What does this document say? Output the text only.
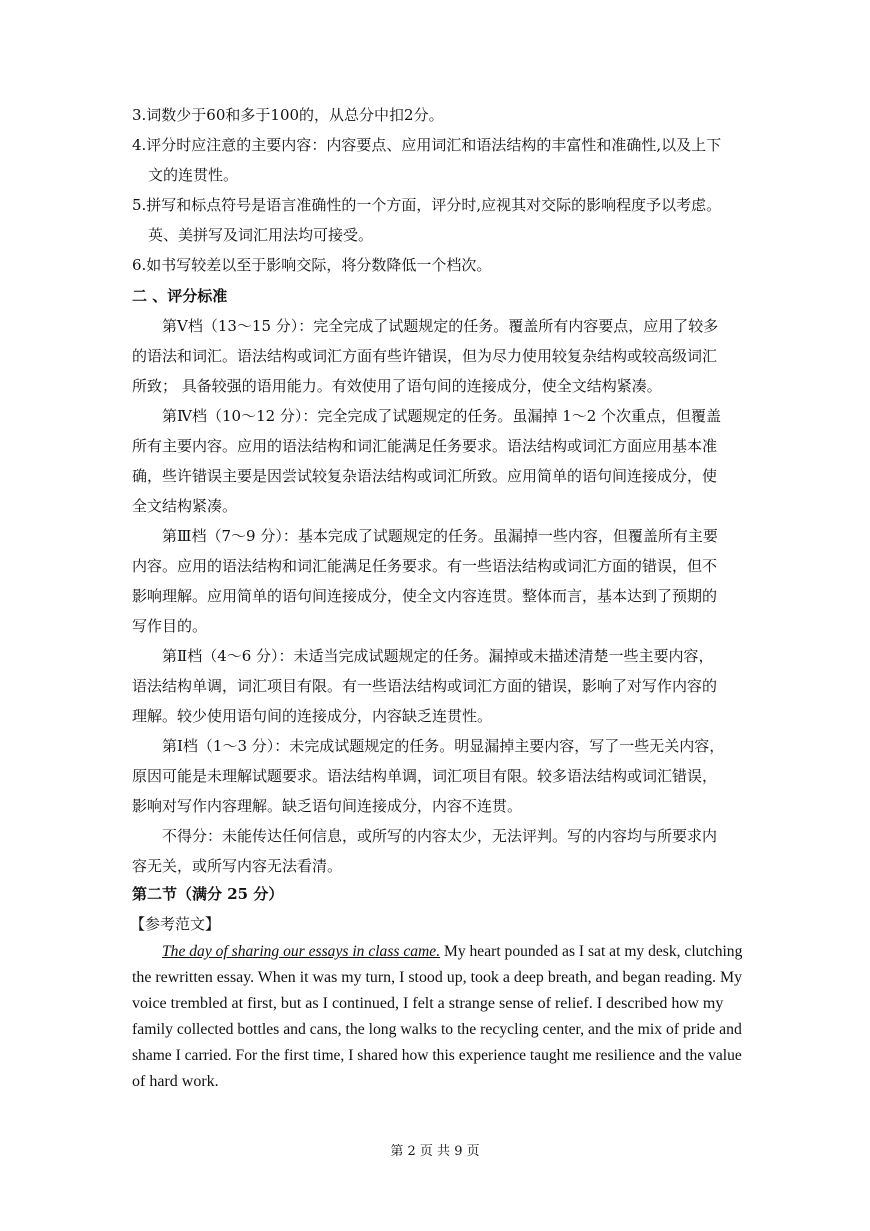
3.词数少于60和多于100的，从总分中扣2分。
4.评分时应注意的主要内容：内容要点、应用词汇和语法结构的丰富性和准确性,以及上下
文的连贯性。
5.拼写和标点符号是语言准确性的一个方面，评分时,应视其对交际的影响程度予以考虑。
英、美拼写及词汇用法均可接受。
6.如书写较差以至于影响交际，将分数降低一个档次。
二 、评分标准
第Ⅴ档（13～15 分）：完全完成了试题规定的任务。覆盖所有内容要点，应用了较多
的语法和词汇。语法结构或词汇方面有些许错误，但为尽力使用较复杂结构或较高级词汇
所致； 具备较强的语用能力。有效使用了语句间的连接成分，使全文结构紧凑。
第Ⅳ档（10～12 分）：完全完成了试题规定的任务。虽漏掉 1～2 个次重点，但覆盖
所有主要内容。应用的语法结构和词汇能满足任务要求。语法结构或词汇方面应用基本准
确，些许错误主要是因尝试较复杂语法结构或词汇所致。应用简单的语句间连接成分，使
全文结构紧凑。
第Ⅲ档（7～9 分）：基本完成了试题规定的任务。虽漏掉一些内容，但覆盖所有主要
内容。应用的语法结构和词汇能满足任务要求。有一些语法结构或词汇方面的错误，但不
影响理解。应用简单的语句间连接成分，使全文内容连贯。整体而言，基本达到了预期的
写作目的。
第Ⅱ档（4～6 分）：未适当完成试题规定的任务。漏掉或未描述清楚一些主要内容，
语法结构单调，词汇项目有限。有一些语法结构或词汇方面的错误，影响了对写作内容的
理解。较少使用语句间的连接成分，内容缺乏连贯性。
第Ⅰ档（1～3 分）：未完成试题规定的任务。明显漏掉主要内容，写了一些无关内容，
原因可能是未理解试题要求。语法结构单调，词汇项目有限。较多语法结构或词汇错误，
影响对写作内容理解。缺乏语句间连接成分，内容不连贯。
不得分：未能传达任何信息，或所写的内容太少，无法评判。写的内容均与所要求内
容无关，或所写内容无法看清。
第二节（满分 25 分）
【参考范文】
The day of sharing our essays in class came. My heart pounded as I sat at my desk, clutching
the rewritten essay. When it was my turn, I stood up, took a deep breath, and began reading. My
voice trembled at first, but as I continued, I felt a strange sense of relief. I described how my
family collected bottles and cans, the long walks to the recycling center, and the mix of pride and
shame I carried. For the first time, I shared how this experience taught me resilience and the value
of hard work.
第 2 页 共 9 页
